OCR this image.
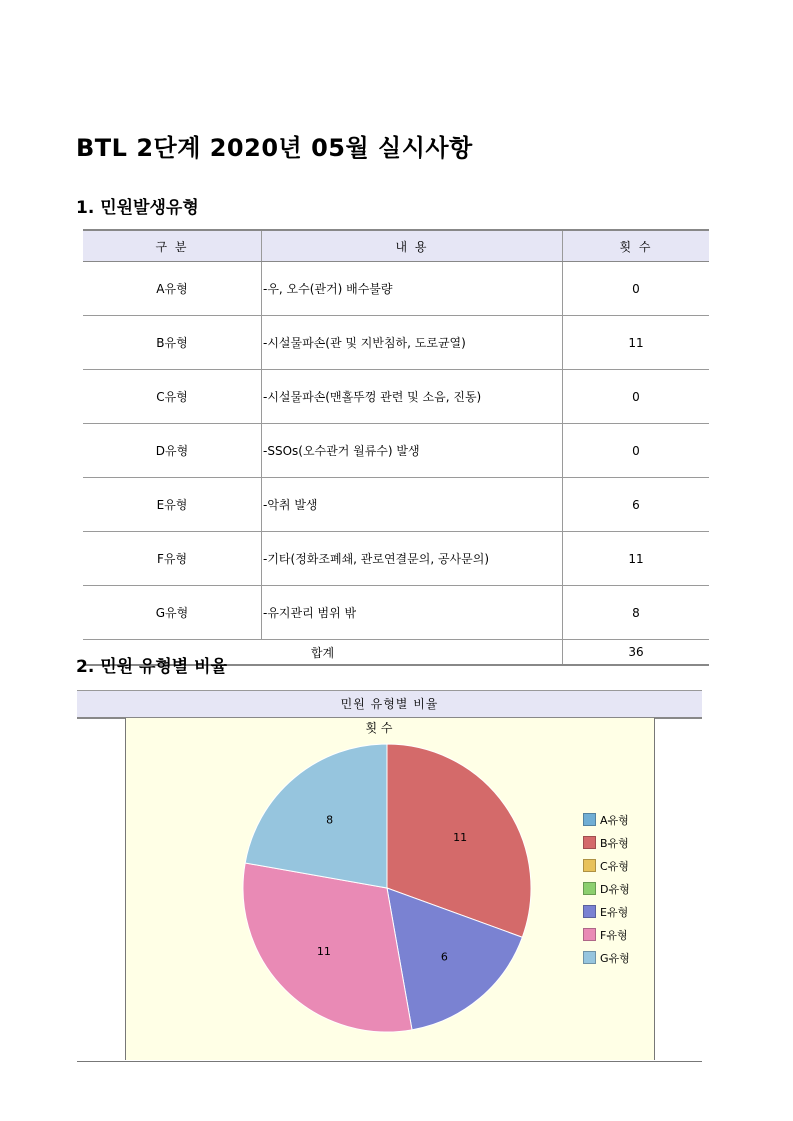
BTL 2단계 2020년 05월 실시사항
1. 민원발생유형
구 분	내 용	횟 수
A유형	-우, 오수(관거) 배수불량	0
B유형	-시설물파손(관 및 지반침하, 도로균열)	11
C유형	-시설물파손(맨홀뚜껑 관련 및 소음, 진동)	0
D유형	-SSOs(오수관거 월류수) 발생	0
E유형	-악취 발생	6
F유형	-기타(정화조폐쇄, 관로연결문의, 공사문의)	11
G유형	-유지관리 범위 밖	8
합계		36
2. 민원 유형별 비율
민원 유형별 비율
횟 수
11
6
11
8	A유형
B유형
C유형
D유형
E유형
F유형
G유형
